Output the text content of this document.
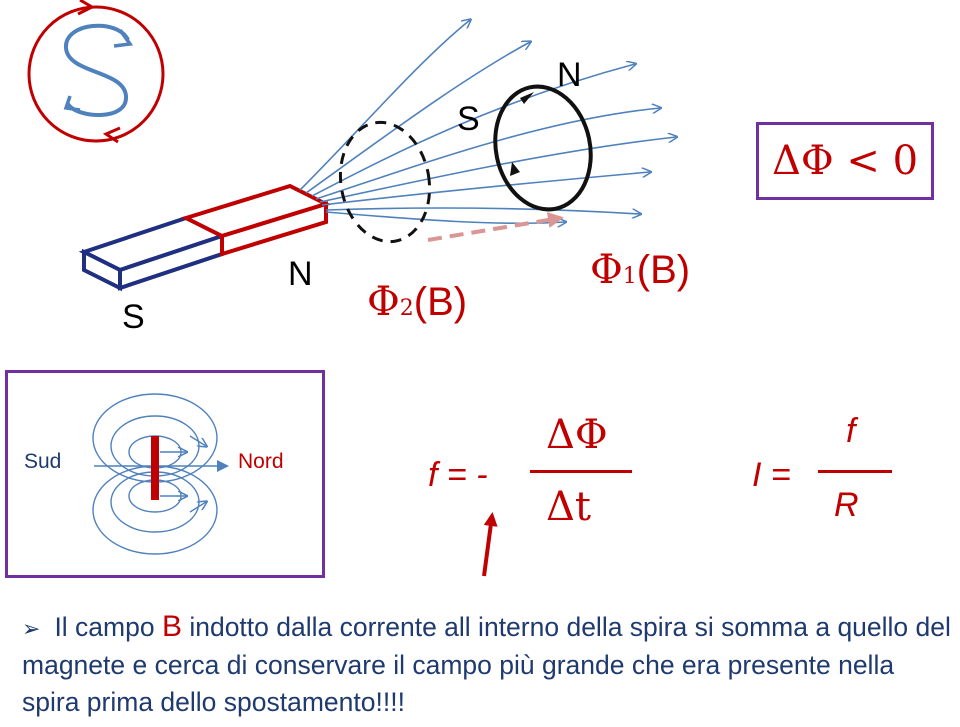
S
N
S
N
Φ2(B)
Φ1(B)
ΔΦ < 0
Sud	Nord	f = -
ΔΦ
Δt
I =
f
R
➢ Il campo B indotto dalla corrente all interno della spira si somma a quello del magnete e cerca di conservare il campo più grande che era presente nella spira prima dello spostamento!!!!
